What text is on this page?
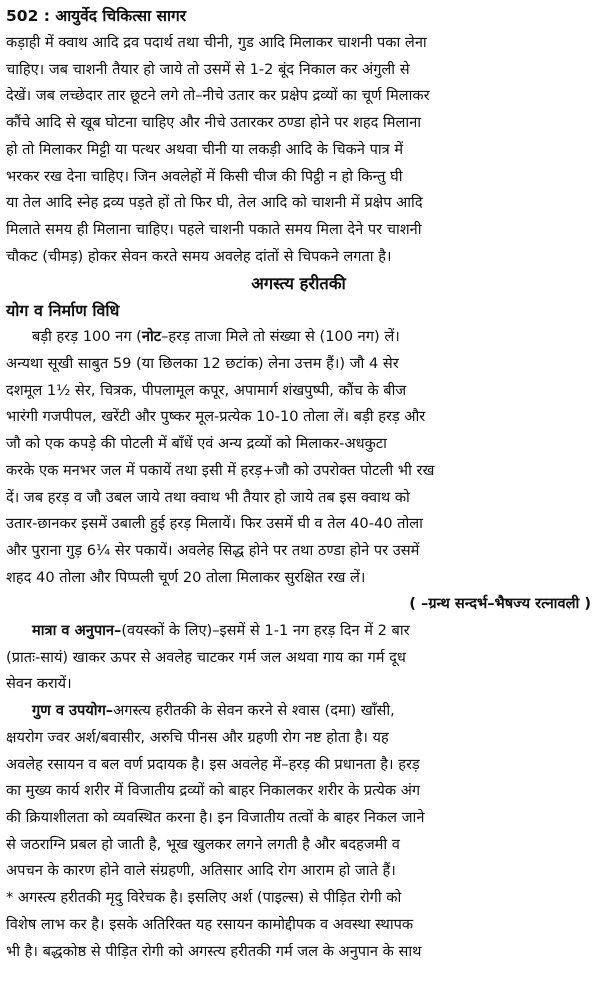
502 : आयुर्वेद चिकित्सा सागर
कड़ाही में क्वाथ आदि द्रव पदार्थ तथा चीनी, गुड आदि मिलाकर चाशनी पका लेना
चाहिए। जब चाशनी तैयार हो जाये तो उसमें से 1-2 बूंद निकाल कर अंगुली से
देखें। जब लच्छेदार तार छूटने लगे तो–नीचे उतार कर प्रक्षेप द्रव्यों का चूर्ण मिलाकर
कौंचे आदि से खूब घोटना चाहिए और नीचे उतारकर ठण्डा होने पर शहद मिलाना
हो तो मिलाकर मिट्टी या पत्थर अथवा चीनी या लकड़ी आदि के चिकने पात्र में
भरकर रख देना चाहिए। जिन अवलेहों में किसी चीज की पिट्ठी न हो किन्तु घी
या तेल आदि स्नेह द्रव्य पड़ते हों तो फिर घी, तेल आदि को चाशनी में प्रक्षेप आदि
मिलाते समय ही मिलाना चाहिए। पहले चाशनी पकाते समय मिला देने पर चाशनी
चौकट (चीमड़) होकर सेवन करते समय अवलेह दांतों से चिपकने लगता है।
अगस्त्य हरीतकी
योग व निर्माण विधि
बड़ी हरड़ 100 नग (नोट–हरड़ ताजा मिले तो संख्या से (100 नग) लें।
अन्यथा सूखी साबुत 59 (या छिलका 12 छटांक) लेना उत्तम हैं।) जौ 4 सेर
दशमूल 1½ सेर, चित्रक, पीपलामूल कपूर, अपामार्ग शंखपुष्पी, कौंच के बीज
भारंगी गजपीपल, खरेंटी और पुष्कर मूल-प्रत्येक 10-10 तोला लें। बड़ी हरड़ और
जौ को एक कपड़े की पोटली में बाँधें एवं अन्य द्रव्यों को मिलाकर-अधकुटा
करके एक मनभर जल में पकायें तथा इसी में हरड़+जौ को उपरोक्त पोटली भी रख
दें। जब हरड़ व जौ उबल जाये तथा क्वाथ भी तैयार हो जाये तब इस क्वाथ को
उतार-छानकर इसमें उबाली हुई हरड़ मिलायें। फिर उसमें घी व तेल 40-40 तोला
और पुराना गुड़ 6¼ सेर पकायें। अवलेह सिद्ध होने पर तथा ठण्डा होने पर उसमें
शहद 40 तोला और पिप्पली चूर्ण 20 तोला मिलाकर सुरक्षित रख लें।
( –ग्रन्थ सन्दर्भ–भैषज्य रत्नावली )
मात्रा व अनुपान–(वयस्कों के लिए)–इसमें से 1-1 नग हरड़ दिन में 2 बार
(प्रातः-सायं) खाकर ऊपर से अवलेह चाटकर गर्म जल अथवा गाय का गर्म दूध
सेवन करायें।
गुण व उपयोग–अगस्त्य हरीतकी के सेवन करने से श्वास (दमा) खाँसी,
क्षयरोग ज्वर अर्श/बवासीर, अरुचि पीनस और ग्रहणी रोग नष्ट होता है। यह
अवलेह रसायन व बल वर्ण प्रदायक है। इस अवलेह में–हरड़ की प्रधानता है। हरड़
का मुख्य कार्य शरीर में विजातीय द्रव्यों को बाहर निकालकर शरीर के प्रत्येक अंग
की क्रियाशीलता को व्यवस्थित करना है। इन विजातीय तत्वों के बाहर निकल जाने
से जठराग्नि प्रबल हो जाती है, भूख खुलकर लगने लगती है और बदहजमी व
अपचन के कारण होने वाले संग्रहणी, अतिसार आदि रोग आराम हो जाते हैं।
* अगस्त्य हरीतकी मृदु विरेचक है। इसलिए अर्श (पाइल्स) से पीड़ित रोगी को
विशेष लाभ कर है। इसके अतिरिक्त यह रसायन कामोद्दीपक व अवस्था स्थापक
भी है। बद्धकोष्ठ से पीड़ित रोगी को अगस्त्य हरीतकी गर्म जल के अनुपान के साथ
